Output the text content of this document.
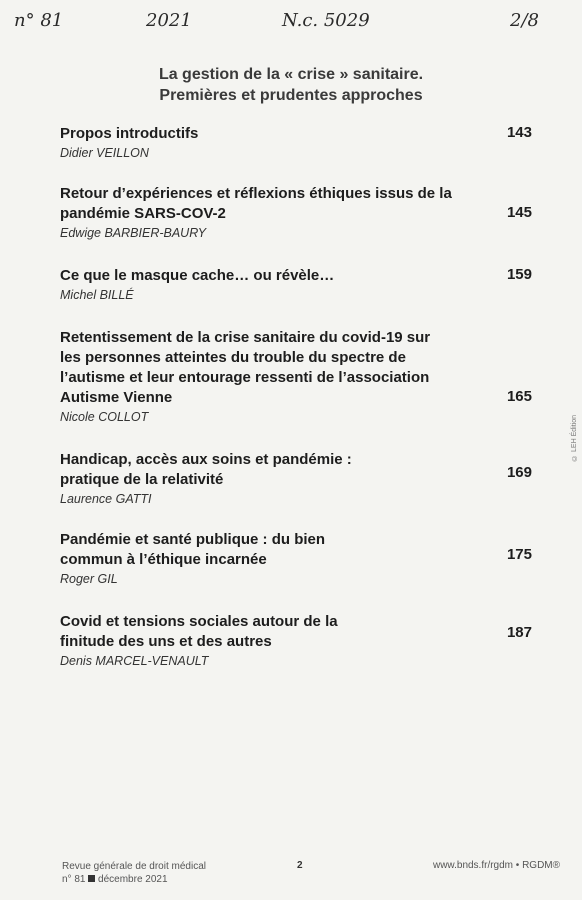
n° 81	2021	N.c. 5029	2/8
La gestion de la « crise » sanitaire.
Premières et prudentes approches
Propos introductifs
Didier VEILLON
143
Retour d’expériences et réflexions éthiques issus de la pandémie SARS-COV-2
Edwige BARBIER-BAURY
145
Ce que le masque cache… ou révèle…
Michel BILLÉ
159
Retentissement de la crise sanitaire du covid-19 sur les personnes atteintes du trouble du spectre de l’autisme et leur entourage ressenti de l’association Autisme Vienne
Nicole COLLOT
165
Handicap, accès aux soins et pandémie : pratique de la relativité
Laurence GATTI
169
Pandémie et santé publique : du bien commun à l’éthique incarnée
Roger GIL
175
Covid et tensions sociales autour de la finitude des uns et des autres
Denis MARCEL-VENAULT
187
Revue générale de droit médical
n° 81 décembre 2021
2	www.bnds.fr/rgdm • RGDM®
© LEH Édition
